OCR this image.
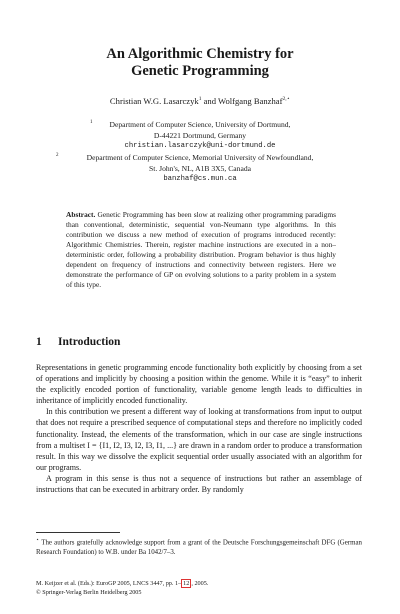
An Algorithmic Chemistry for
Genetic Programming
Christian W.G. Lasarczyk$^1$ and Wolfgang Banzhaf$^{2,⋆}$
1	Department of Computer Science, University of Dortmund,
D-44221 Dortmund, Germany
christian.lasarczyk@uni-dortmund.de
2	Department of Computer Science, Memorial University of Newfoundland,
St. John's, NL, A1B 3X5, Canada
banzhaf@cs.mun.ca
Abstract. Genetic Programming has been slow at realizing other programming paradigms than conventional, deterministic, sequential von-Neumann type algorithms. In this contribution we discuss a new method of execution of programs introduced recently: Algorithmic Chemistries. Therein, register machine instructions are executed in a non–deterministic order, following a probability distribution. Program behavior is thus highly dependent on frequency of instructions and connectivity between registers. Here we demonstrate the performance of GP on evolving solutions to a parity problem in a system of this type.
1 Introduction

Representations in genetic programming encode functionality both explicitly by choosing from a set of operations and implicitly by choosing a position within the genome. While it is “easy” to inherit the explicitly encoded portion of functionality, variable genome length leads to difficulties in inheritance of implicitly encoded functionality.

In this contribution we present a different way of looking at transformations from input to output that does not require a prescribed sequence of computational steps and therefore no implicitly coded functionality. Instead, the elements of the transformation, which in our case are single instructions from a multiset I = {I1, I2, I3, I2, I3, I1, ...} are drawn in a random order to produce a transformation result. In this way we dissolve the explicit sequential order usually associated with an algorithm for our programs.

A program in this sense is thus not a sequence of instructions but rather an assemblage of instructions that can be executed in arbitrary order. By randomly

⋆ The authors gratefully acknowledge support from a grant of the Deutsche Forschungsgemeinschaft DFG (German Research Foundation) to W.B. under Ba 1042/7–3.
M. Keijzer et al. (Eds.): EuroGP 2005, LNCS 3447, pp. 1– 12 , 2005.
© Springer-Verlag Berlin Heidelberg 2005
